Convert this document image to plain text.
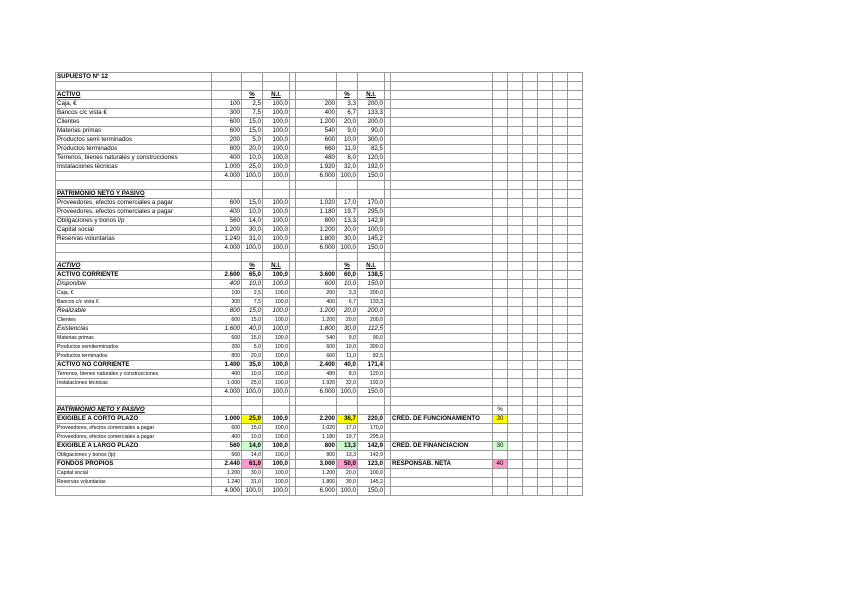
SUPUESTO Nº 12															

ACTIVO		%	N.I.			%	N.I.								
Caja, €	100	2,5	100,0		200	3,3	200,0								
Bancos c/c vista €	300	7,5	100,0		400	6,7	133,3								
Clientes	600	15,0	100,0		1.200	20,0	200,0								
Materias primas	600	15,0	100,0		540	9,0	90,0								
Productos semi terminados	200	5,0	100,0		600	10,0	300,0								
Productos terminados	800	20,0	100,0		660	11,0	82,5								
Terrenos, bienes naturales y construcciones	400	10,0	100,0		480	8,0	120,0								
Instalaciones técnicas	1.000	25,0	100,0		1.920	32,0	192,0								
	4.000	100,0	100,0		6.000	100,0	150,0								

PATRIMONIO NETO Y PASIVO															
Proveedores, efectos comerciales a pagar	600	15,0	100,0		1.020	17,0	170,0								
Proveedores, efectos comerciales a pagar	400	10,0	100,0		1.180	19,7	295,0								
Obligaciones y bonos l/p	560	14,0	100,0		800	13,3	142,9								
Capital social	1.200	30,0	100,0		1.200	20,0	100,0								
Reservas voluntarias	1.240	31,0	100,0		1.800	30,0	145,2								
	4.000	100,0	100,0		6.000	100,0	150,0								

ACTIVO		%	N.I.			%	N.I.								
ACTIVO CORRIENTE	2.600	65,0	100,0		3.600	60,0	138,5								
Disponible	400	10,0	100,0		600	10,0	150,0								
Caja, €	100	2,5	100,0		200	3,3	200,0								
Bancos c/c vista €	300	7,5	100,0		400	6,7	133,3								
Realizable	800	15,0	100,0		1.200	20,0	200,0								
Clientes	600	15,0	100,0		1.200	20,0	200,0								
Existencias	1.600	40,0	100,0		1.800	30,0	112,5								
Materias primas	600	15,0	100,0		540	9,0	90,0								
Productos semiterminados	200	5,0	100,0		600	10,0	300,0								
Productos terminados	800	20,0	100,0		660	11,0	82,5								
ACTIVO NO CORRIENTE	1.400	35,0	100,0		2.400	40,0	171,4								
Terrenos, bienes naturales y construcciones	400	10,0	100,0		480	8,0	120,0								
Instalaciones técnicas	1.000	25,0	100,0		1.920	32,0	192,0								
	4.000	100,0	100,0		6.000	100,0	150,0								

PATRIMONIO NETO Y PASIVO										%					
EXIGIBLE A CORTO PLAZO	1.000	25,0	100,0		2.200	36,7	220,0		CRÉD. DE FUNCIONAMIENTO	30					
Proveedores, efectos comerciales a pagar	600	15,0	100,0		1.020	17,0	170,0								
Proveedores, efectos comerciales a pagar	400	10,0	100,0		1.180	19,7	295,0								
EXIGIBLE A LARGO PLAZO	560	14,0	100,0		800	13,3	142,9		CRÉD. DE FINANCIACIÓN	30					
Obligaciones y bonos (lp)	560	14,0	100,0		800	13,3	142,9								
FONDOS PROPIOS	2.440	61,0	100,0		3.000	50,0	123,0		RESPONSAB. NETA	40					
Capital social	1.200	30,0	100,0		1.200	20,0	100,0								
Reservas voluntarias	1.240	31,0	100,0		1.800	30,0	145,2								
	4.000	100,0	100,0		6.000	100,0	150,0								
